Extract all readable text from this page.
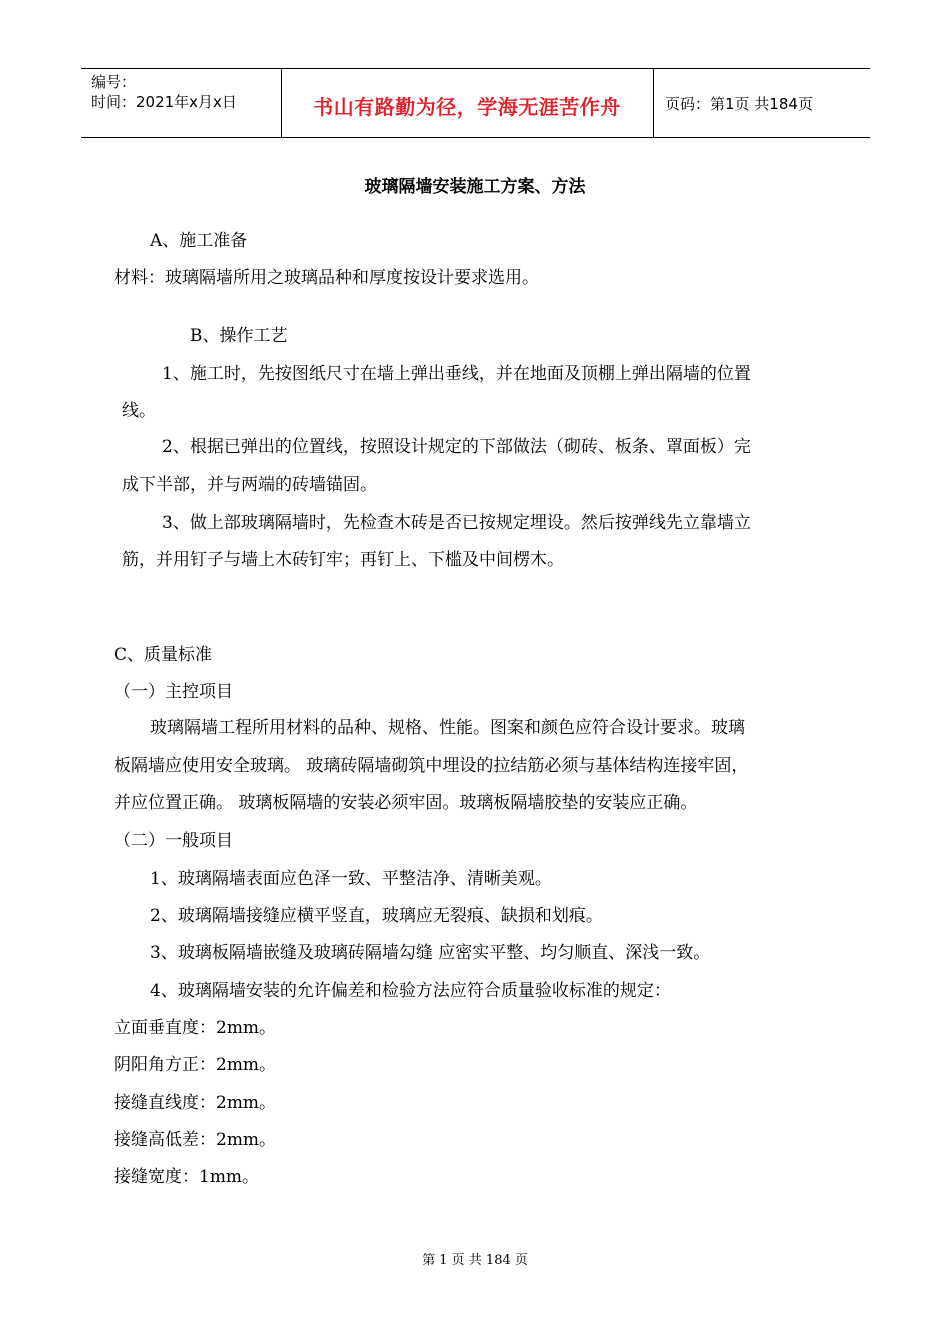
编号：
时间：2021年x月x日	书山有路勤为径，学海无涯苦作舟	页码：第1页 共184页
玻璃隔墙安装施工方案、方法
A、施工准备
材料：玻璃隔墙所用之玻璃品种和厚度按设计要求选用。
B、操作工艺
1、施工时，先按图纸尺寸在墙上弹出垂线，并在地面及顶棚上弹出隔墙的位置
线。
2、根据已弹出的位置线，按照设计规定的下部做法（砌砖、板条、罩面板）完
成下半部，并与两端的砖墙锚固。
3、做上部玻璃隔墙时，先检查木砖是否已按规定埋设。然后按弹线先立靠墙立
筋，并用钉子与墙上木砖钉牢；再钉上、下槛及中间楞木。
C、质量标准
（一）主控项目
玻璃隔墙工程所用材料的品种、规格、性能。图案和颜色应符合设计要求。玻璃
板隔墙应使用安全玻璃。 玻璃砖隔墙砌筑中埋设的拉结筋必须与基体结构连接牢固，
并应位置正确。 玻璃板隔墙的安装必须牢固。玻璃板隔墙胶垫的安装应正确。
（二）一般项目
1、玻璃隔墙表面应色泽一致、平整洁净、清晰美观。
2、玻璃隔墙接缝应横平竖直，玻璃应无裂痕、缺损和划痕。
3、玻璃板隔墙嵌缝及玻璃砖隔墙勾缝 应密实平整、均匀顺直、深浅一致。
4、玻璃隔墙安装的允许偏差和检验方法应符合质量验收标准的规定：
立面垂直度：2mm。
阴阳角方正：2mm。
接缝直线度：2mm。
接缝高低差：2mm。
接缝宽度：1mm。
第 1 页 共 184 页
